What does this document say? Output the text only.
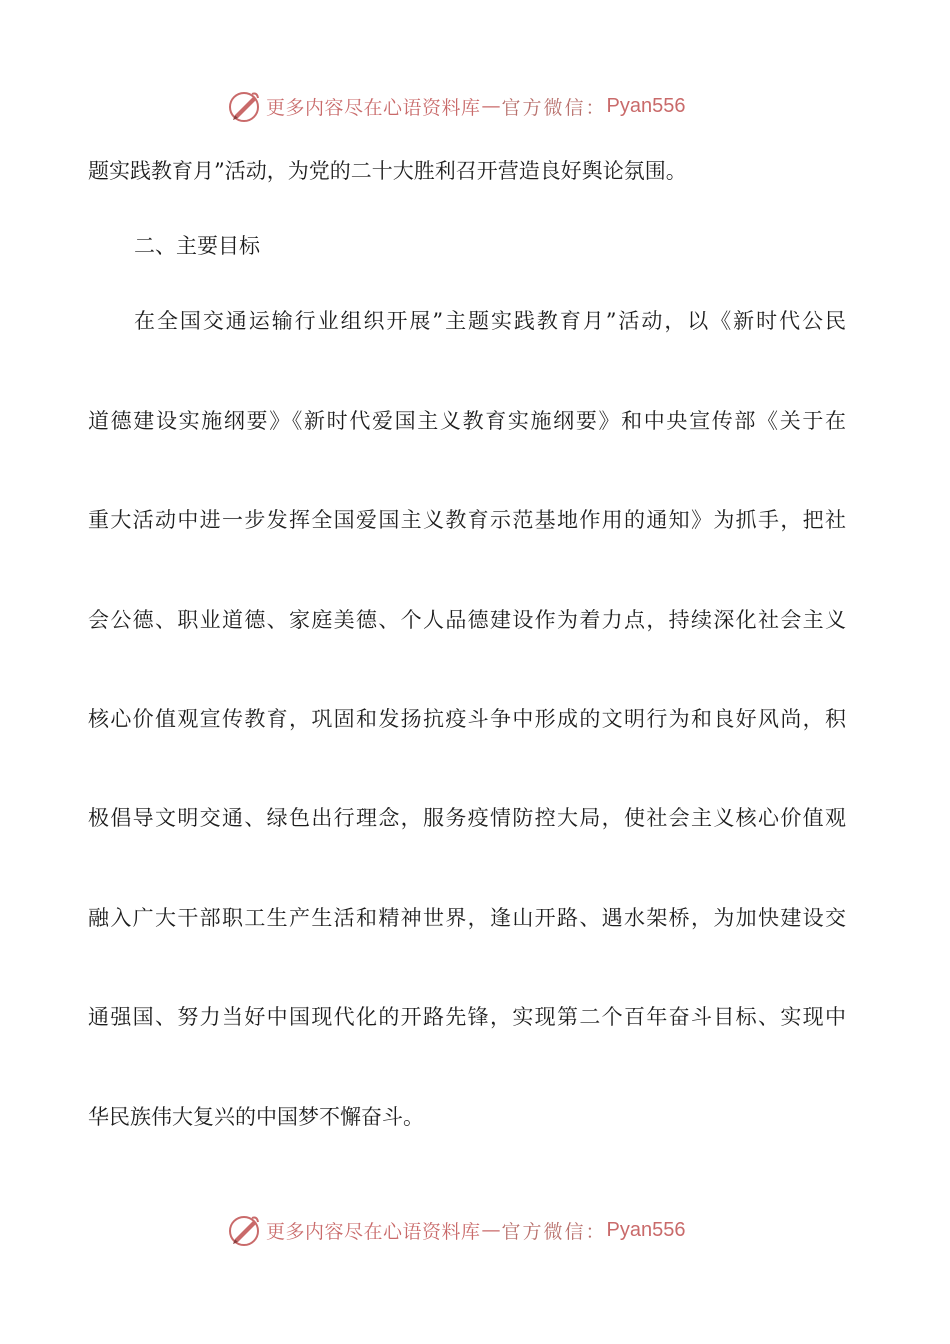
更多内容尽在心语资料库 — 官方微信： Pyan556
题实践教育月”活动，为党的二十大胜利召开营造良好舆论氛围。
二、主要目标
在全国交通运输行业组织开展”主题实践教育月”活动，以《新时代公民
道德建设实施纲要》《新时代爱国主义教育实施纲要》和中央宣传部《关于在
重大活动中进一步发挥全国爱国主义教育示范基地作用的通知》为抓手，把社
会公德、职业道德、家庭美德、个人品德建设作为着力点，持续深化社会主义
核心价值观宣传教育，巩固和发扬抗疫斗争中形成的文明行为和良好风尚，积
极倡导文明交通、绿色出行理念，服务疫情防控大局，使社会主义核心价值观
融入广大干部职工生产生活和精神世界，逢山开路、遇水架桥，为加快建设交
通强国、努力当好中国现代化的开路先锋，实现第二个百年奋斗目标、实现中
华民族伟大复兴的中国梦不懈奋斗。
更多内容尽在心语资料库 — 官方微信： Pyan556
